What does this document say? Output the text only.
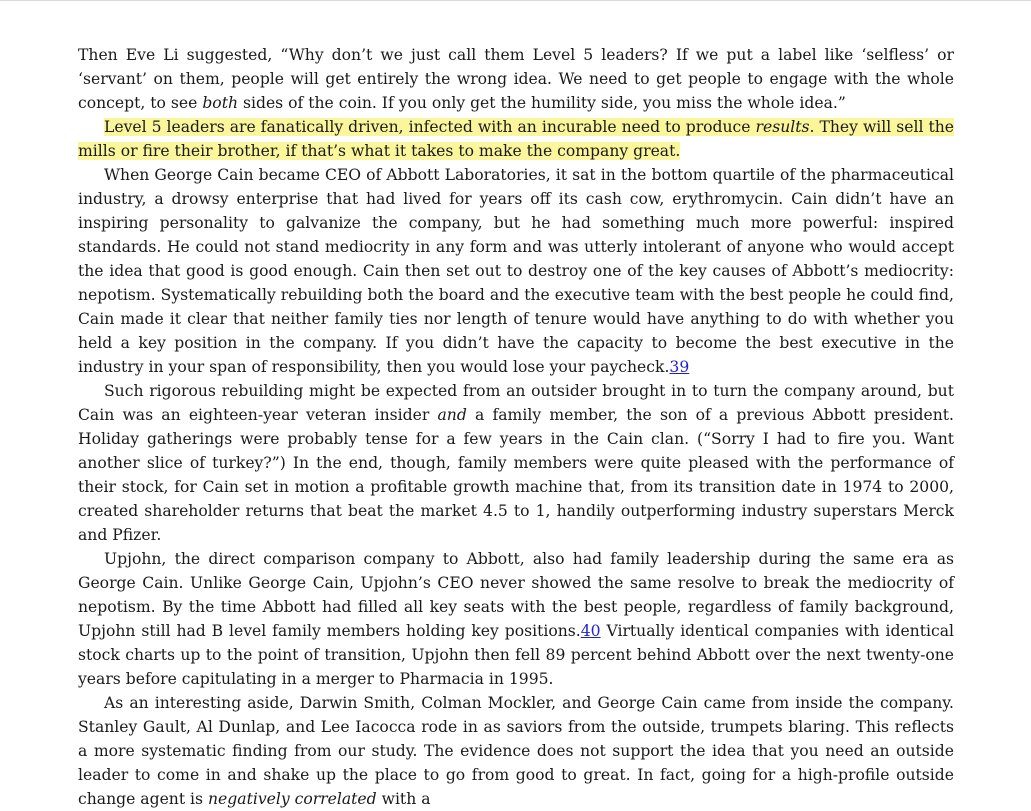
Then Eve Li suggested, “Why don’t we just call them Level 5 leaders? If we put a label like ‘selfless’ or ‘servant’ on them, people will get entirely the wrong idea. We need to get people to engage with the whole concept, to see both sides of the coin. If you only get the humility side, you miss the whole idea.”

Level 5 leaders are fanatically driven, infected with an incurable need to produce results. They will sell the mills or fire their brother, if that’s what it takes to make the company great.

When George Cain became CEO of Abbott Laboratories, it sat in the bottom quartile of the pharmaceutical industry, a drowsy enterprise that had lived for years off its cash cow, erythromycin. Cain didn’t have an inspiring personality to galvanize the company, but he had something much more powerful: inspired standards. He could not stand mediocrity in any form and was utterly intolerant of anyone who would accept the idea that good is good enough. Cain then set out to destroy one of the key causes of Abbott’s mediocrity: nepotism. Systematically rebuilding both the board and the executive team with the best people he could find, Cain made it clear that neither family ties nor length of tenure would have anything to do with whether you held a key position in the company. If you didn’t have the capacity to become the best executive in the industry in your span of responsibility, then you would lose your paycheck.39

Such rigorous rebuilding might be expected from an outsider brought in to turn the company around, but Cain was an eighteen-year veteran insider and a family member, the son of a previous Abbott president. Holiday gatherings were probably tense for a few years in the Cain clan. (“Sorry I had to fire you. Want another slice of turkey?”) In the end, though, family members were quite pleased with the performance of their stock, for Cain set in motion a profitable growth machine that, from its transition date in 1974 to 2000, created shareholder returns that beat the market 4.5 to 1, handily outperforming industry superstars Merck and Pfizer.

Upjohn, the direct comparison company to Abbott, also had family leadership during the same era as George Cain. Unlike George Cain, Upjohn’s CEO never showed the same resolve to break the mediocrity of nepotism. By the time Abbott had filled all key seats with the best people, regardless of family background, Upjohn still had B level family members holding key positions.40 Virtually identical companies with identical stock charts up to the point of transition, Upjohn then fell 89 percent behind Abbott over the next twenty-one years before capitulating in a merger to Pharmacia in 1995.

As an interesting aside, Darwin Smith, Colman Mockler, and George Cain came from inside the company. Stanley Gault, Al Dunlap, and Lee Iacocca rode in as saviors from the outside, trumpets blaring. This reflects a more systematic finding from our study. The evidence does not support the idea that you need an outside leader to come in and shake up the place to go from good to great. In fact, going for a high-profile outside change agent is negatively correlated with a
